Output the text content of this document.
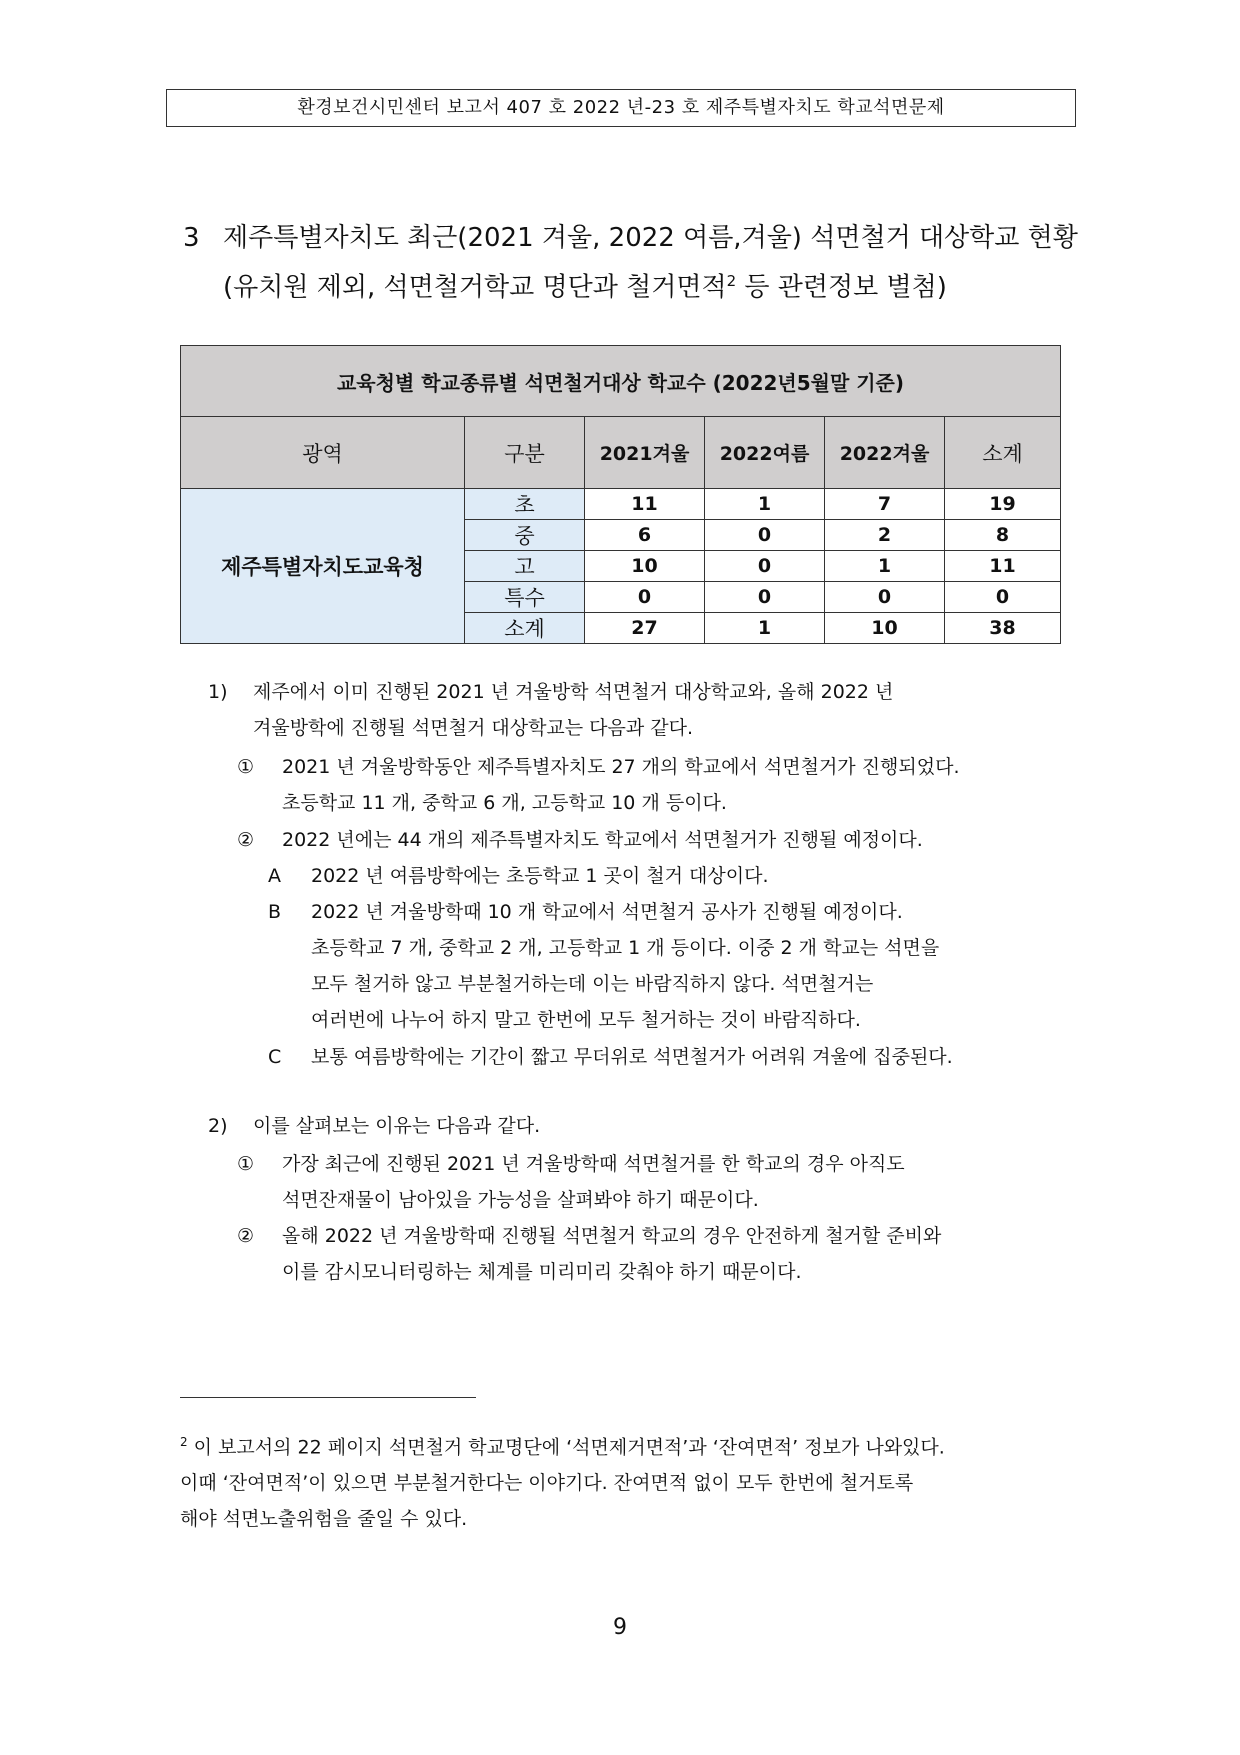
환경보건시민센터 보고서 407 호 2022 년-23 호 제주특별자치도 학교석면문제
3 제주특별자치도 최근(2021 겨울, 2022 여름,겨울) 석면철거 대상학교 현황
(유치원 제외, 석면철거학교 명단과 철거면적$^2$ 등 관련정보 별첨)
교육청별 학교종류별 석면철거대상 학교수 (2022년5월말 기준)					
광역	구분	2021겨울	2022여름	2022겨울	소계
제주특별자치도교육청	초	11	1	7	19
	중	6	0	2	8
	고	10	0	1	11
	특수	0	0	0	0
	소계	27	1	10	38
1) 제주에서 이미 진행된 2021 년 겨울방학 석면철거 대상학교와, 올해 2022 년
겨울방학에 진행될 석면철거 대상학교는 다음과 같다.
① 2021 년 겨울방학동안 제주특별자치도 27 개의 학교에서 석면철거가 진행되었다.
초등학교 11 개, 중학교 6 개, 고등학교 10 개 등이다.
② 2022 년에는 44 개의 제주특별자치도 학교에서 석면철거가 진행될 예정이다.
A 2022 년 여름방학에는 초등학교 1 곳이 철거 대상이다.
B 2022 년 겨울방학때 10 개 학교에서 석면철거 공사가 진행될 예정이다.
초등학교 7 개, 중학교 2 개, 고등학교 1 개 등이다. 이중 2 개 학교는 석면을
모두 철거하 않고 부분철거하는데 이는 바람직하지 않다. 석면철거는
여러번에 나누어 하지 말고 한번에 모두 철거하는 것이 바람직하다.
C 보통 여름방학에는 기간이 짧고 무더위로 석면철거가 어려워 겨울에 집중된다.
2) 이를 살펴보는 이유는 다음과 같다.
① 가장 최근에 진행된 2021 년 겨울방학때 석면철거를 한 학교의 경우 아직도
석면잔재물이 남아있을 가능성을 살펴봐야 하기 때문이다.
② 올해 2022 년 겨울방학때 진행될 석면철거 학교의 경우 안전하게 철거할 준비와
이를 감시모니터링하는 체계를 미리미리 갖춰야 하기 때문이다.
$^2$ 이 보고서의 22 페이지 석면철거 학교명단에 ‘석면제거면적’과 ‘잔여면적’ 정보가 나와있다.
이때 ‘잔여면적’이 있으면 부분철거한다는 이야기다. 잔여면적 없이 모두 한번에 철거토록
해야 석면노출위험을 줄일 수 있다.
9
